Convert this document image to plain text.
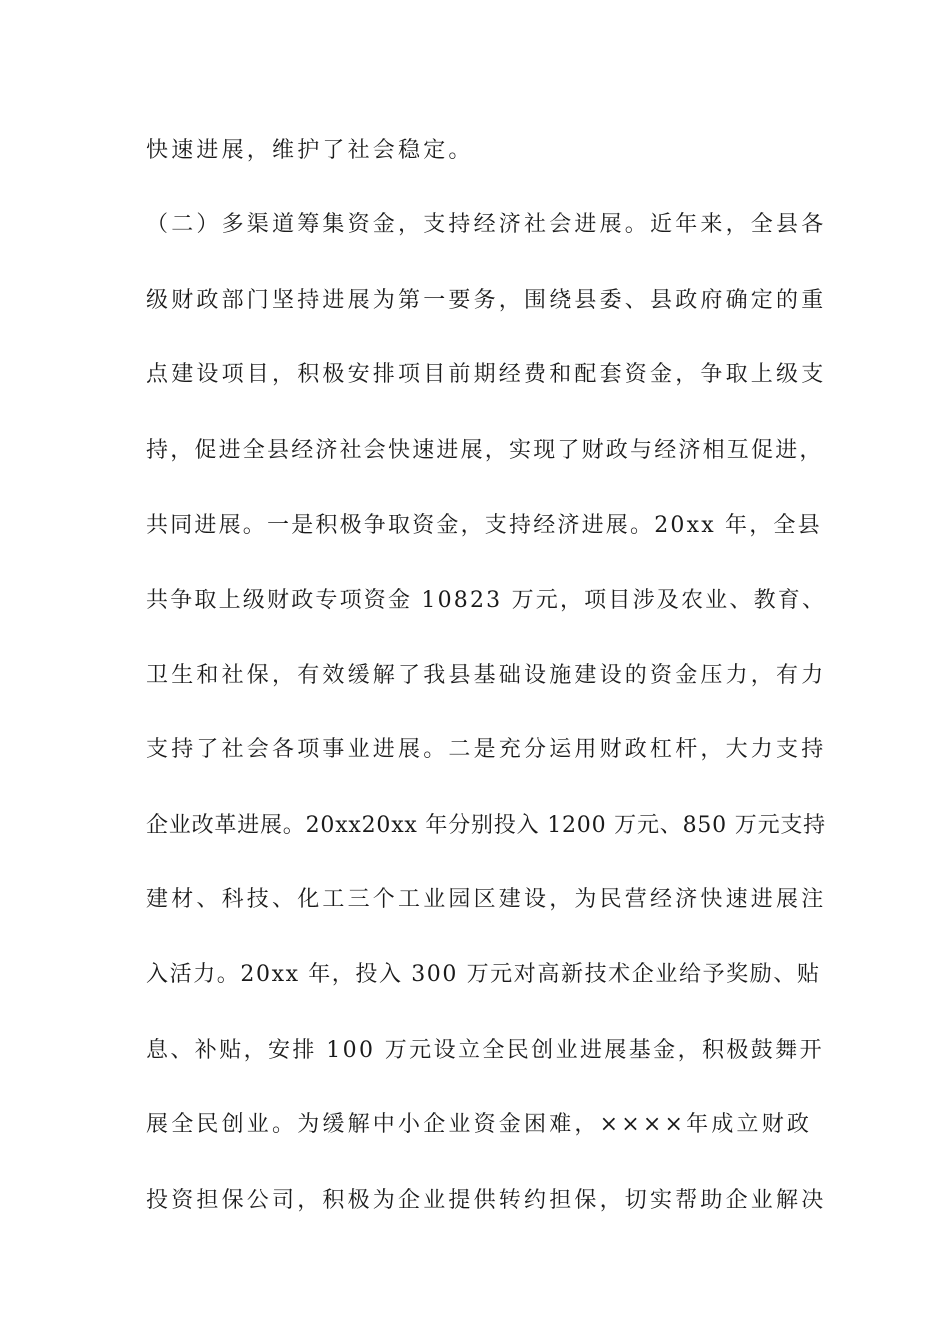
快速进展，维护了社会稳定。
（二）多渠道筹集资金，支持经济社会进展。近年来，全县各
级财政部门坚持进展为第一要务，围绕县委、县政府确定的重
点建设项目，积极安排项目前期经费和配套资金，争取上级支
持，促进全县经济社会快速进展，实现了财政与经济相互促进，
共同进展。一是积极争取资金，支持经济进展。20xx 年，全县
共争取上级财政专项资金 10823 万元，项目涉及农业、教育、
卫生和社保，有效缓解了我县基础设施建设的资金压力，有力
支持了社会各项事业进展。二是充分运用财政杠杆，大力支持
企业改革进展。20xx20xx 年分别投入 1200 万元、850 万元支持
建材、科技、化工三个工业园区建设，为民营经济快速进展注
入活力。20xx 年，投入 300 万元对高新技术企业给予奖励、贴
息、补贴，安排 100 万元设立全民创业进展基金，积极鼓舞开
展全民创业。为缓解中小企业资金困难，××××年成立财政
投资担保公司，积极为企业提供转约担保，切实帮助企业解决
